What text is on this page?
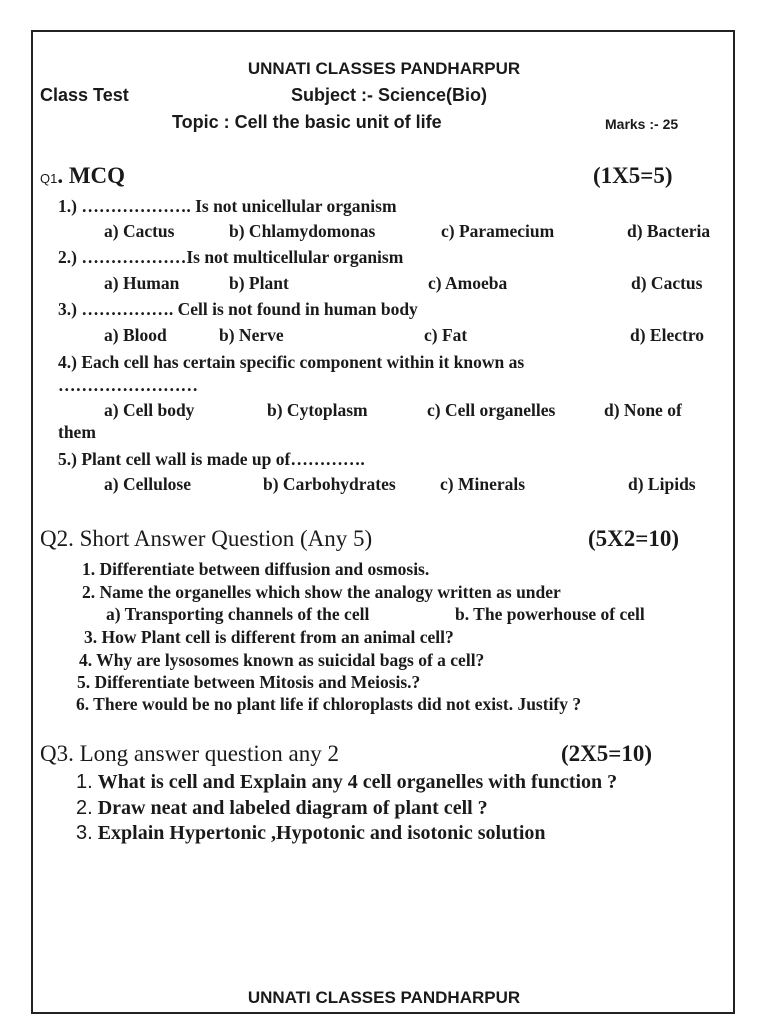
UNNATI CLASSES PANDHARPUR
Class Test	Subject :- Science(Bio)
Topic : Cell the basic unit of life	Marks :- 25
Q1. MCQ	(1X5=5)
1.) ………………. Is not unicellular organism
a) Cactus	b) Chlamydomonas	c) Paramecium	d) Bacteria
2.) ………………Is not multicellular organism
a) Human	b) Plant	c) Amoeba	d) Cactus
3.) ……………. Cell is not found in human body
a) Blood	b) Nerve	c) Fat	d) Electro
4.) Each cell has certain specific component within it known as
……………………
a) Cell body	b) Cytoplasm	c) Cell organelles	d) None of
them
5.) Plant cell wall is made up of………….
a) Cellulose	b) Carbohydrates	c) Minerals	d) Lipids
Q2. Short Answer Question (Any 5)	(5X2=10)
1. Differentiate between diffusion and osmosis.
2. Name the organelles which show the analogy written as under
a) Transporting channels of the cell	b. The powerhouse of cell
3. How Plant cell is different from an animal cell?
4. Why are lysosomes known as suicidal bags of a cell?
5. Differentiate between Mitosis and Meiosis.?
6. There would be no plant life if chloroplasts did not exist. Justify ?
Q3. Long answer question any 2	(2X5=10)
1. What is cell and Explain any 4 cell organelles with function ?
2. Draw neat and labeled diagram of plant cell ?
3. Explain Hypertonic ,Hypotonic and isotonic solution
UNNATI CLASSES PANDHARPUR
